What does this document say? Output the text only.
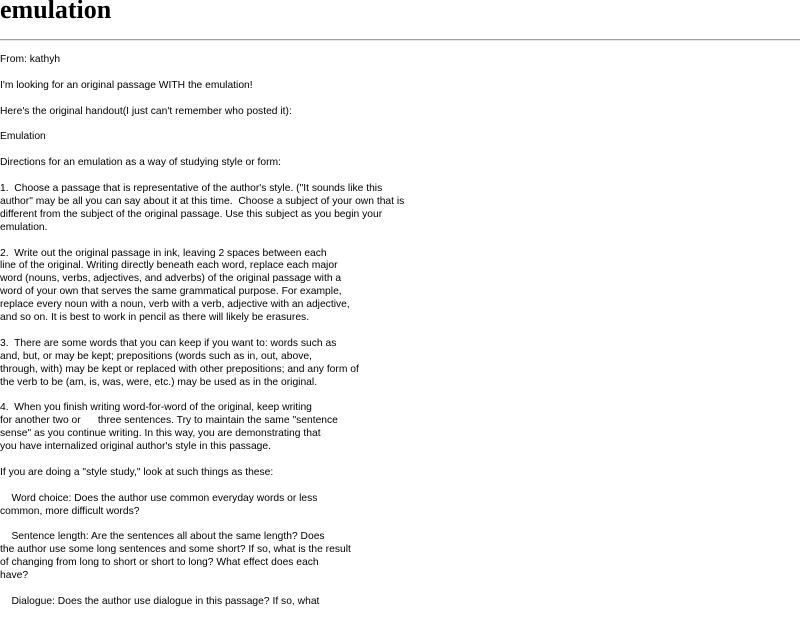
emulation

From: kathyh

I'm looking for an original passage WITH the emulation!

Here's the original handout(I just can't remember who posted it):

Emulation

Directions for an emulation as a way of studying style or form:

1.  Choose a passage that is representative of the author's style. ("It sounds like this
author" may be all you can say about it at this time.  Choose a subject of your own that is
different from the subject of the original passage. Use this subject as you begin your
emulation.

2.  Write out the original passage in ink, leaving 2 spaces between each
line of the original. Writing directly beneath each word, replace each major
word (nouns, verbs, adjectives, and adverbs) of the original passage with a
word of your own that serves the same grammatical purpose. For example,
replace every noun with a noun, verb with a verb, adjective with an adjective,
and so on. It is best to work in pencil as there will likely be erasures.

3.  There are some words that you can keep if you want to: words such as
and, but, or may be kept; prepositions (words such as in, out, above,
through, with) may be kept or replaced with other prepositions; and any form of
the verb to be (am, is, was, were, etc.) may be used as in the original.

4.  When you finish writing word-for-word of the original, keep writing
for another two or      three sentences. Try to maintain the same "sentence
sense" as you continue writing. In this way, you are demonstrating that
you have internalized original author's style in this passage.

If you are doing a "style study," look at such things as these:

Word choice: Does the author use common everyday words or less
common, more difficult words?

Sentence length: Are the sentences all about the same length? Does
the author use some long sentences and some short? If so, what is the result
of changing from long to short or short to long? What effect does each
have?

Dialogue: Does the author use dialogue in this passage? If so, what
